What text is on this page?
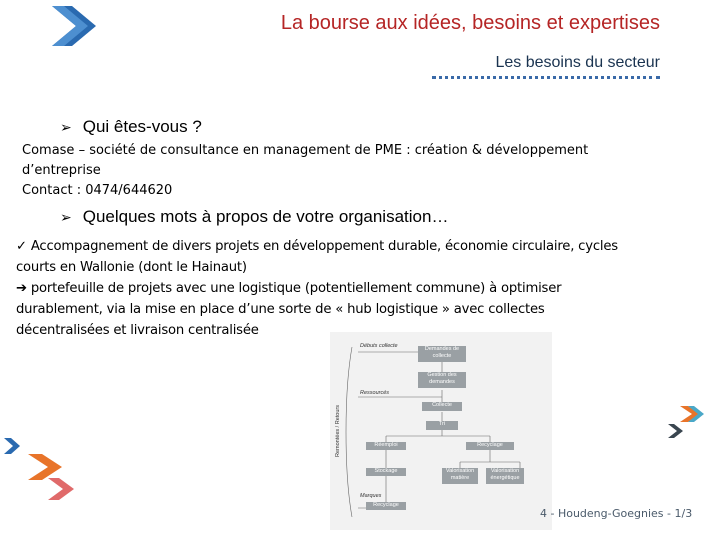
La bourse aux idées, besoins et expertises
Les besoins du secteur
➢ Qui êtes-vous ?
Comase – société de consultance en management de PME : création & développement
d’entreprise
Contact : 0474/644620
➢ Quelques mots à propos de votre organisation…
✓ Accompagnement de divers projets en développement durable, économie circulaire, cycles
courts en Wallonie (dont le Hainaut)
➔ portefeuille de projets avec une logistique (potentiellement commune) à optimiser
durablement, via la mise en place d’une sorte de « hub logistique » avec collectes
décentralisées et livraison centralisée
Débuts collecte
Ressourcés
Marques
Remontées / Retours
Demandes de collecte
Gestion des demandes
Collecte
Tri
Réemploi	Recyclage
Stockage	Valorisation matière
Valorisation énergétique
Recyclage
4 - Houdeng-Goegnies - 1/3
